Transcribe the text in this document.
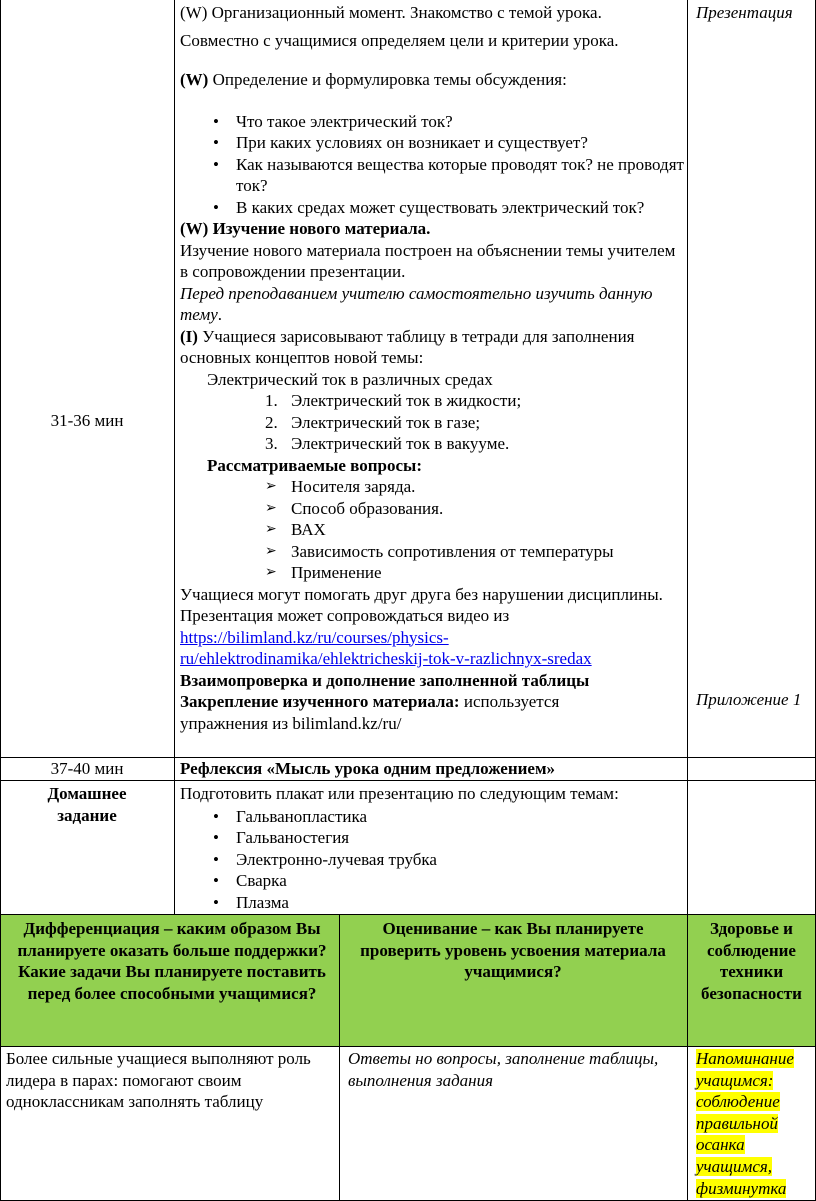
31-36 мин
(W) Организационный момент. Знакомство с темой урока.
Совместно с учащимися определяем цели и критерии урока.
(W) Определение и формулировка темы обсуждения:
• Что такое электрический ток?
• При каких условиях он возникает и существует?
• Как называются вещества которые проводят ток? не проводят ток?
• В каких средах может существовать электрический ток?
(W) Изучение нового материала.
Изучение нового материала построен на объяснении темы учителем в сопровождении презентации.
Перед преподаванием учителю самостоятельно изучить данную тему.
(I) Учащиеся зарисовывают таблицу в тетради для заполнения основных концептов новой темы:
Электрический ток в различных средах
1. Электрический ток в жидкости;
2. Электрический ток в газе;
3. Электрический ток в вакууме.
Рассматриваемые вопросы:
➢ Носителя заряда.
➢ Способ образования.
➢ ВАХ
➢ Зависимость сопротивления от температуры
➢ Применение
Учащиеся могут помогать друг друга без нарушении дисциплины. Презентация может сопровождаться видео из
https://bilimland.kz/ru/courses/physics-
ru/ehlektrodinamika/ehlektricheskij-tok-v-razlichnyx-sredax
Взаимопроверка и дополнение заполненной таблицы
Закрепление изученного материала: используется
упражнения из bilimland.kz/ru/
Презентация
Приложение 1
37-40 мин	Рефлексия «Мысль урока одним предложением»
Домашнее задание
Подготовить плакат или презентацию по следующим темам:
• Гальванопластика
• Гальваностегия
• Электронно-лучевая трубка
• Сварка
• Плазма
Дифференциация – каким образом Вы планируете оказать больше поддержки? Какие задачи Вы планируете поставить перед более способными учащимися?
Оценивание – как Вы планируете проверить уровень усвоения материала учащимися?
Здоровье и соблюдение техники безопасности
Более сильные учащиеся выполняют роль лидера в парах: помогают своим одноклассникам заполнять таблицу
Ответы но вопросы, заполнение таблицы, выполнения задания
Напоминание
учащимся:
соблюдение
правильной
осанка
учащимся,
физминутка
